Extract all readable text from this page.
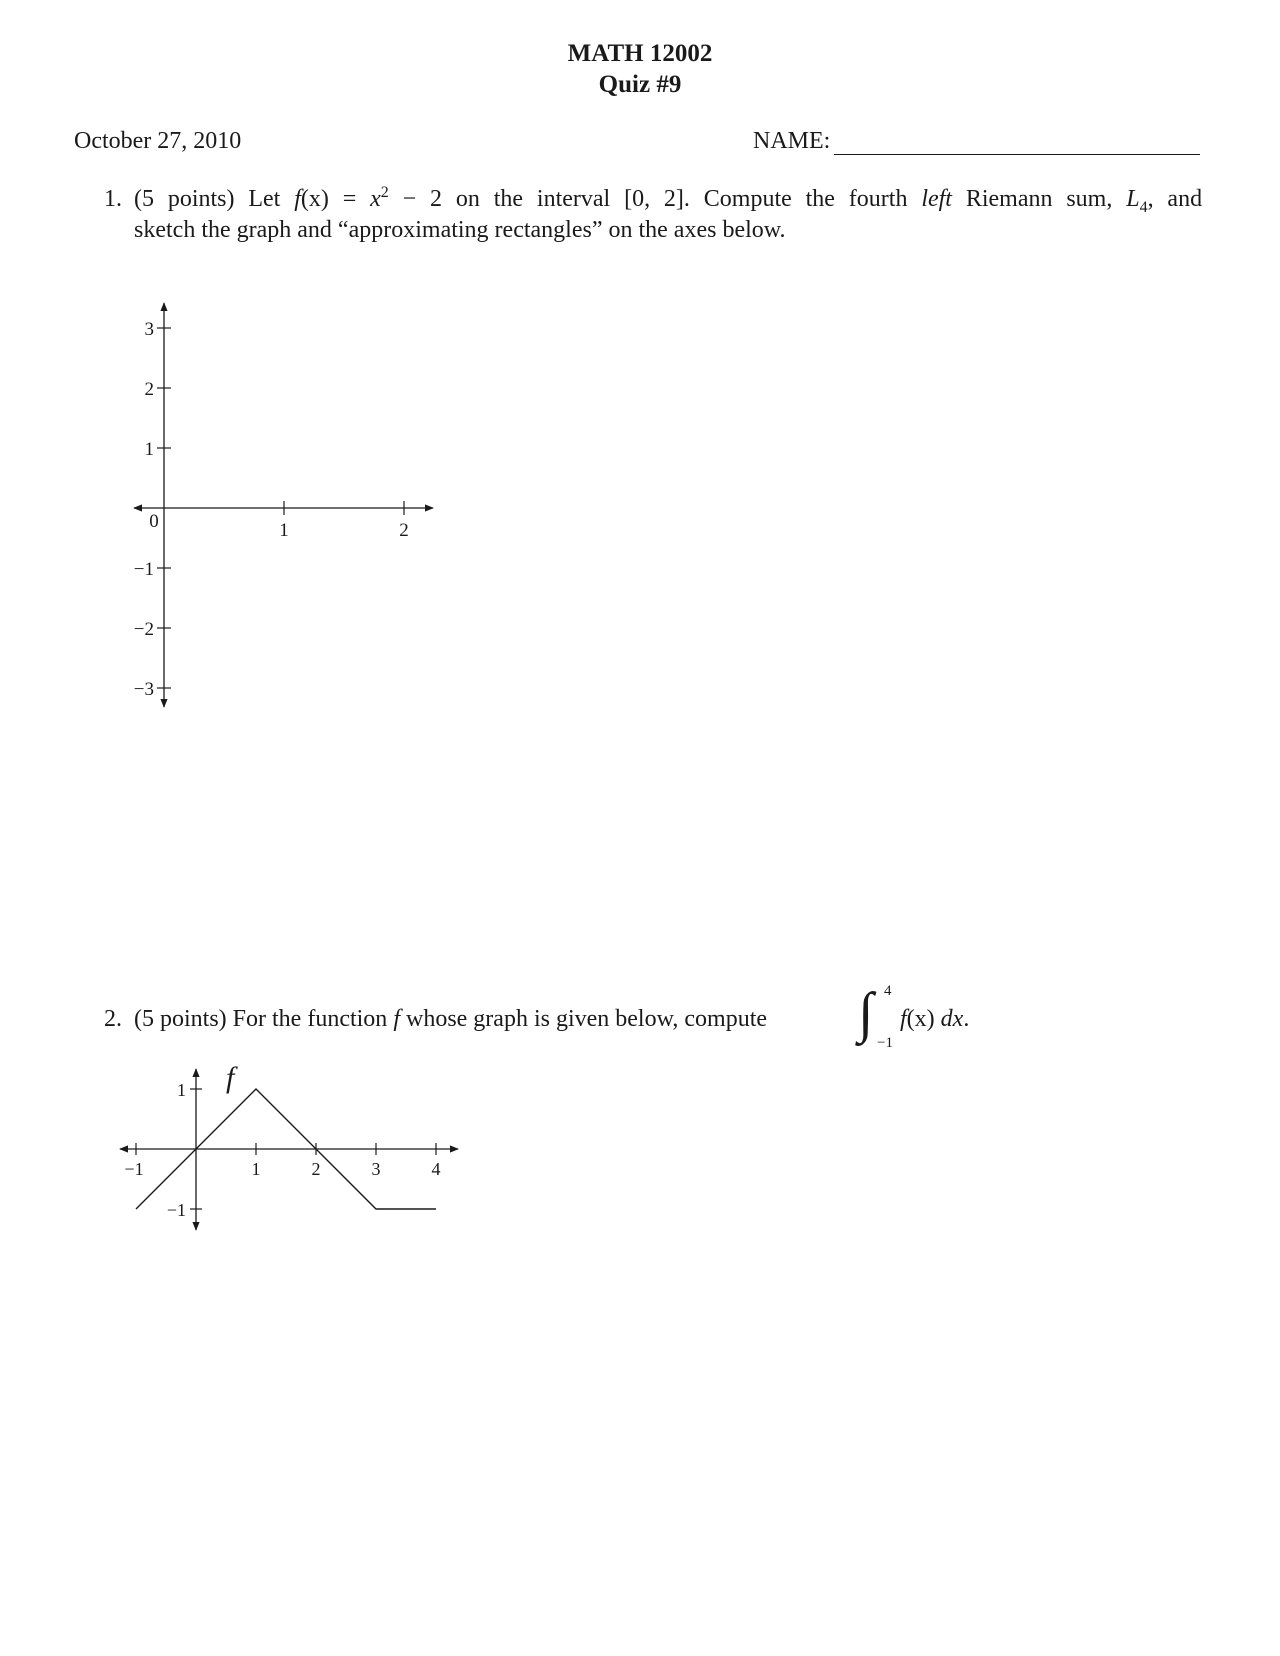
MATH 12002
Quiz #9
October 27, 2010	NAME:
1. (5 points) Let $f(x) = x^2 - 2$ on the interval [0, 2]. Compute the fourth left Riemann sum, $L_4$, and
sketch the graph and “approximating rectangles” on the axes below.
1	2
0
3
2
1
−1
−2
−3
2. (5 points) For the function f whose graph is given below, compute ∫ 4
−1
f(x) dx.
−1	1	2	3	4
1
−1
f
